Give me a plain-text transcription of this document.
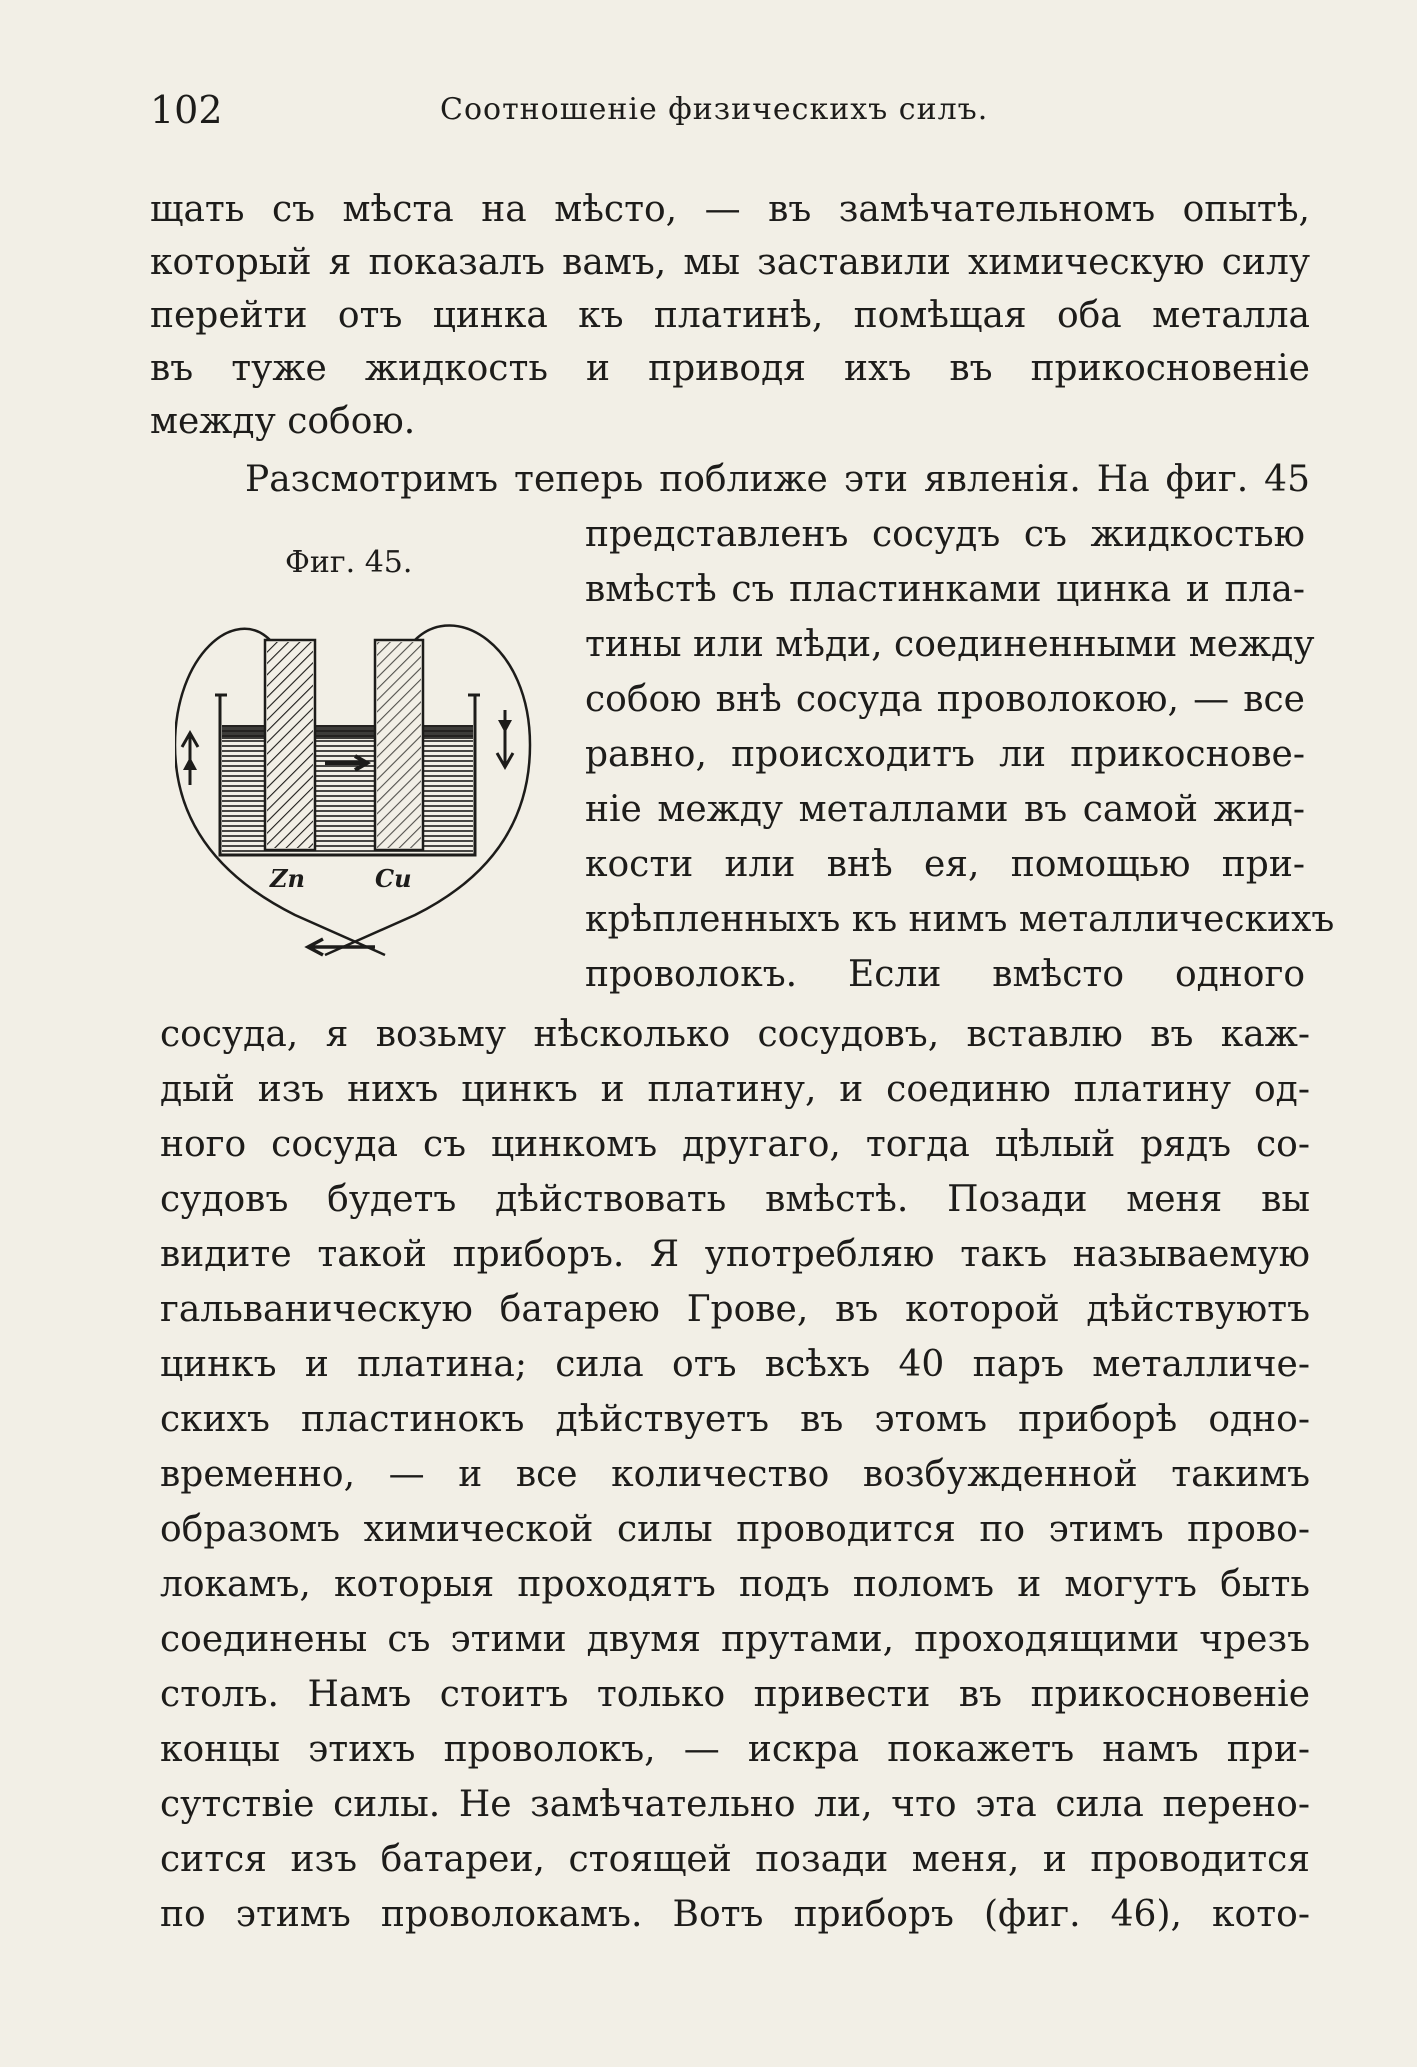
102	Соотношеніе физическихъ силъ.
щать съ мѣста на мѣсто, — въ замѣчательномъ опытѣ,
который я показалъ вамъ, мы заставили химическую силу
перейти отъ цинка къ платинѣ, помѣщая оба металла
въ туже жидкость и приводя ихъ въ прикосновеніе
между собою.
Разсмотримъ теперь поближе эти явленія. На фиг. 45
Фиг. 45.
Zn	Cu
представленъ сосудъ съ жидкостью
вмѣстѣ съ пластинками цинка и пла-
тины или мѣди, соединенными между
собою внѣ сосуда проволокою, — все
равно, происходитъ ли прикоснове-
ніе между металлами въ самой жид-
кости или внѣ ея, помощью при-
крѣпленныхъ къ нимъ металлическихъ
проволокъ. Если вмѣсто одного
сосуда, я возьму нѣсколько сосудовъ, вставлю въ каж-
дый изъ нихъ цинкъ и платину, и соединю платину од-
ного сосуда съ цинкомъ другаго, тогда цѣлый рядъ со-
судовъ будетъ дѣйствовать вмѣстѣ. Позади меня вы
видите такой приборъ. Я употребляю такъ называемую
гальваническую батарею Грове, въ которой дѣйствуютъ
цинкъ и платина; сила отъ всѣхъ 40 паръ металличе-
скихъ пластинокъ дѣйствуетъ въ этомъ приборѣ одно-
временно, — и все количество возбужденной такимъ
образомъ химической силы проводится по этимъ прово-
локамъ, которыя проходятъ подъ поломъ и могутъ быть
соединены съ этими двумя прутами, проходящими чрезъ
столъ. Намъ стоитъ только привести въ прикосновеніе
концы этихъ проволокъ, — искра покажетъ намъ при-
сутствіе силы. Не замѣчательно ли, что эта сила перено-
сится изъ батареи, стоящей позади меня, и проводится
по этимъ проволокамъ. Вотъ приборъ (фиг. 46), кото-
